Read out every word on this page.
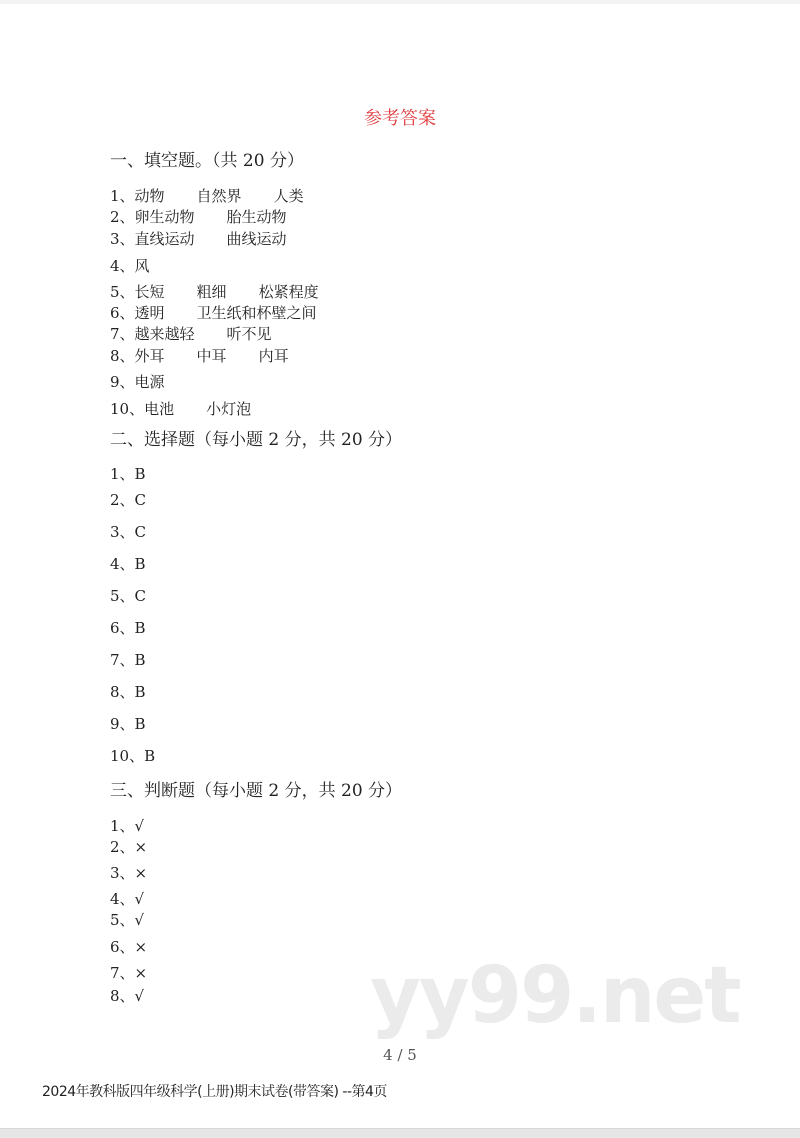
参考答案
一、填空题。（共 20 分）
1、动物 自然界 人类
2、卵生动物 胎生动物
3、直线运动 曲线运动
4、风
5、长短 粗细 松紧程度
6、透明 卫生纸和杯壁之间
7、越来越轻 听不见
8、外耳 中耳 内耳
9、电源
10、电池 小灯泡
二、选择题（每小题 2 分，共 20 分）
1、B
2、C
3、C
4、B
5、C
6、B
7、B
8、B
9、B
10、B
三、判断题（每小题 2 分，共 20 分）
1、√
2、×
3、×
4、√
5、√
6、×
7、×
8、√	yy99.net
4 / 5
2024年教科版四年级科学(上册)期末试卷(带答案) --第4页
